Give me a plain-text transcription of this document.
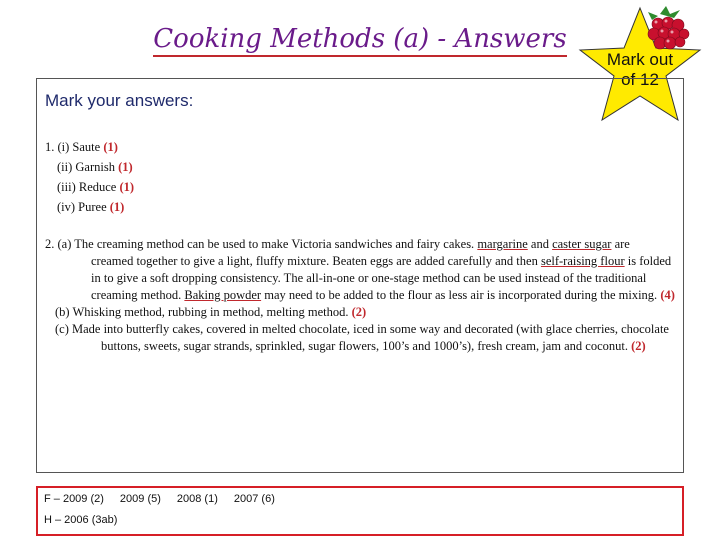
Cooking Methods (a) - Answers
Mark out
of 12
Mark your answers:
1. (i) Saute (1)
(ii) Garnish (1)
(iii) Reduce (1)
(iv) Puree (1)

2. (a) The creaming method can be used to make Victoria sandwiches and fairy cakes. margarine and caster sugar are creamed together to give a light, fluffy mixture. Beaten eggs are added carefully and then self-raising flour is folded in to give a soft dropping consistency. The all-in-one or one-stage method can be used instead of the traditional creaming method. Baking powder may need to be added to the flour as less air is incorporated during the mixing. (4)

(b) Whisking method, rubbing in method, melting method. (2)

(c) Made into butterfly cakes, covered in melted chocolate, iced in some way and decorated (with glace cherries, chocolate buttons, sweets, sugar strands, sprinkled, sugar flowers, 100’s and 1000’s), fresh cream, jam and coconut. (2)

F – 2009 (2) 2009 (5) 2008 (1) 2007 (6)
H – 2006 (3ab)
